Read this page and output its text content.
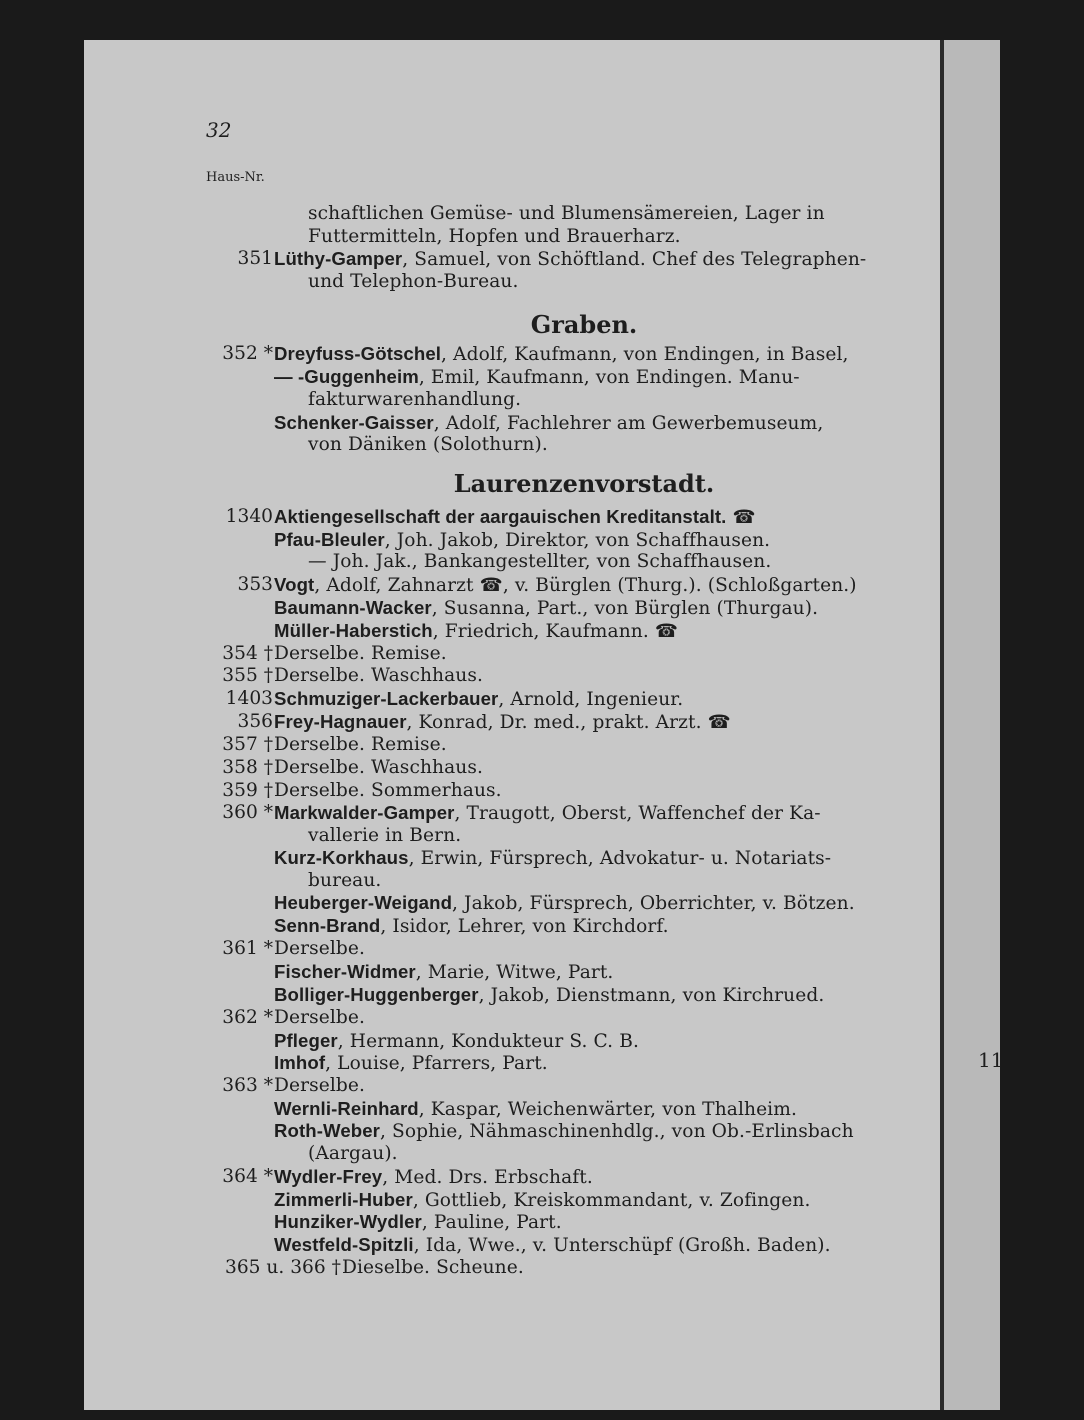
32
Haus-Nr.
11
Graben.
Laurenzenvorstadt.
schaftlichen Gemüse- und Blumensämereien, Lager in
Futtermitteln, Hopfen und Brauerharz.
351 Lüthy-Gamper, Samuel, von Schöftland. Chef des Telegraphen-
und Telephon-Bureau.
352 * Dreyfuss-Götschel, Adolf, Kaufmann, von Endingen, in Basel,
— -Guggenheim, Emil, Kaufmann, von Endingen. Manu-
fakturwarenhandlung.
Schenker-Gaisser, Adolf, Fachlehrer am Gewerbemuseum,
von Däniken (Solothurn).
1340 Aktiengesellschaft der aargauischen Kreditanstalt. ☎
Pfau-Bleuler, Joh. Jakob, Direktor, von Schaffhausen.
— Joh. Jak., Bankangestellter, von Schaffhausen.
353 Vogt, Adolf, Zahnarzt ☎, v. Bürglen (Thurg.). (Schloßgarten.)
Baumann-Wacker, Susanna, Part., von Bürglen (Thurgau).
Müller-Haberstich, Friedrich, Kaufmann. ☎
354 † Derselbe. Remise.
355 † Derselbe. Waschhaus.
1403 Schmuziger-Lackerbauer, Arnold, Ingenieur.
356 Frey-Hagnauer, Konrad, Dr. med., prakt. Arzt. ☎
357 † Derselbe. Remise.
358 † Derselbe. Waschhaus.
359 † Derselbe. Sommerhaus.
360 * Markwalder-Gamper, Traugott, Oberst, Waffenchef der Ka-
vallerie in Bern.
Kurz-Korkhaus, Erwin, Fürsprech, Advokatur- u. Notariats-
bureau.
Heuberger-Weigand, Jakob, Fürsprech, Oberrichter, v. Bötzen.
Senn-Brand, Isidor, Lehrer, von Kirchdorf.
361 * Derselbe.
Fischer-Widmer, Marie, Witwe, Part.
Bolliger-Huggenberger, Jakob, Dienstmann, von Kirchrued.
362 * Derselbe.
Pfleger, Hermann, Kondukteur S. C. B.
Imhof, Louise, Pfarrers, Part.
363 * Derselbe.
Wernli-Reinhard, Kaspar, Weichenwärter, von Thalheim.
Roth-Weber, Sophie, Nähmaschinenhdlg., von Ob.-Erlinsbach
(Aargau).
364 * Wydler-Frey, Med. Drs. Erbschaft.
Zimmerli-Huber, Gottlieb, Kreiskommandant, v. Zofingen.
Hunziker-Wydler, Pauline, Part.
Westfeld-Spitzli, Ida, Wwe., v. Unterschüpf (Großh. Baden).
365 u. 366 † Dieselbe. Scheune.
